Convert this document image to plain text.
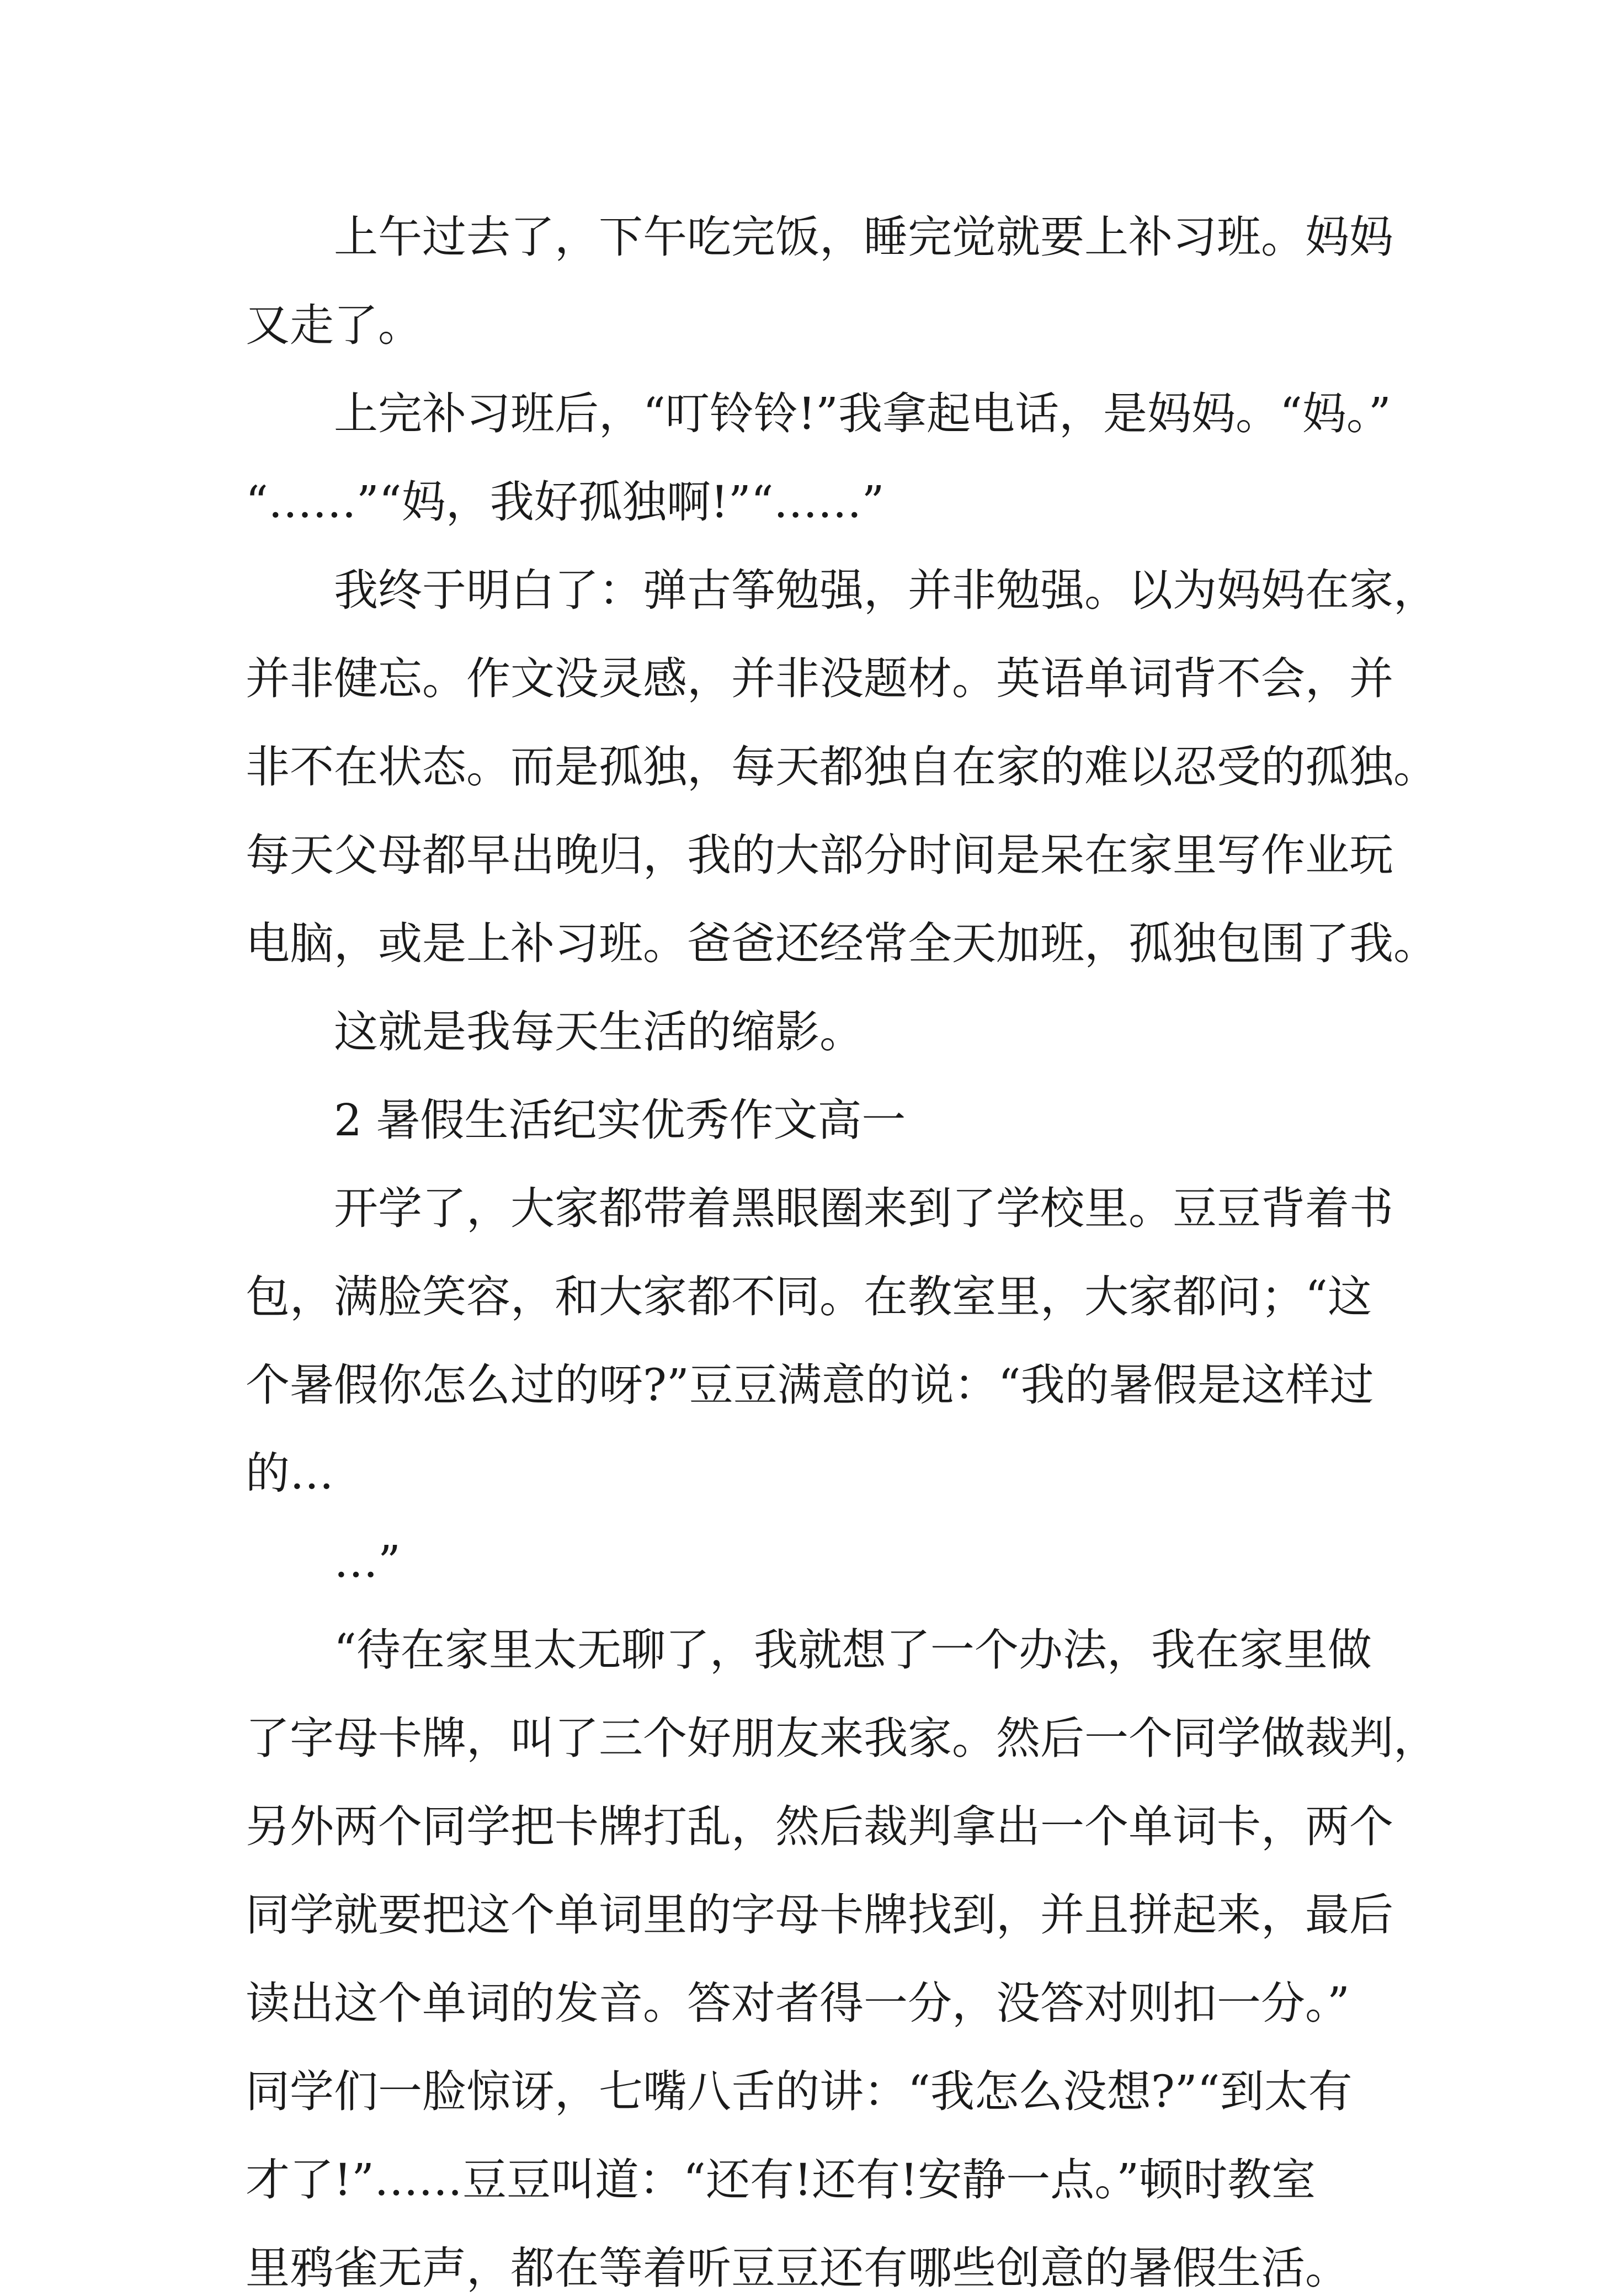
上午过去了，下午吃完饭，睡完觉就要上补习班。妈妈

又走了。

上完补习班后，“叮铃铃!”我拿起电话，是妈妈。“妈。”

“……”“妈，我好孤独啊!”“……”

我终于明白了：弹古筝勉强，并非勉强。以为妈妈在家，

并非健忘。作文没灵感，并非没题材。英语单词背不会，并

非不在状态。而是孤独，每天都独自在家的难以忍受的孤独。

每天父母都早出晚归，我的大部分时间是呆在家里写作业玩

电脑，或是上补习班。爸爸还经常全天加班，孤独包围了我。

这就是我每天生活的缩影。

2 暑假生活纪实优秀作文高一

开学了，大家都带着黑眼圈来到了学校里。豆豆背着书

包，满脸笑容，和大家都不同。在教室里，大家都问；“这

个暑假你怎么过的呀?”豆豆满意的说：“我的暑假是这样过

的…

…”

“待在家里太无聊了，我就想了一个办法，我在家里做

了字母卡牌，叫了三个好朋友来我家。然后一个同学做裁判，

另外两个同学把卡牌打乱，然后裁判拿出一个单词卡，两个

同学就要把这个单词里的字母卡牌找到，并且拼起来，最后

读出这个单词的发音。答对者得一分，没答对则扣一分。”

同学们一脸惊讶，七嘴八舌的讲：“我怎么没想?”“到太有

才了!”……豆豆叫道：“还有!还有!安静一点。”顿时教室

里鸦雀无声，都在等着听豆豆还有哪些创意的暑假生活。
